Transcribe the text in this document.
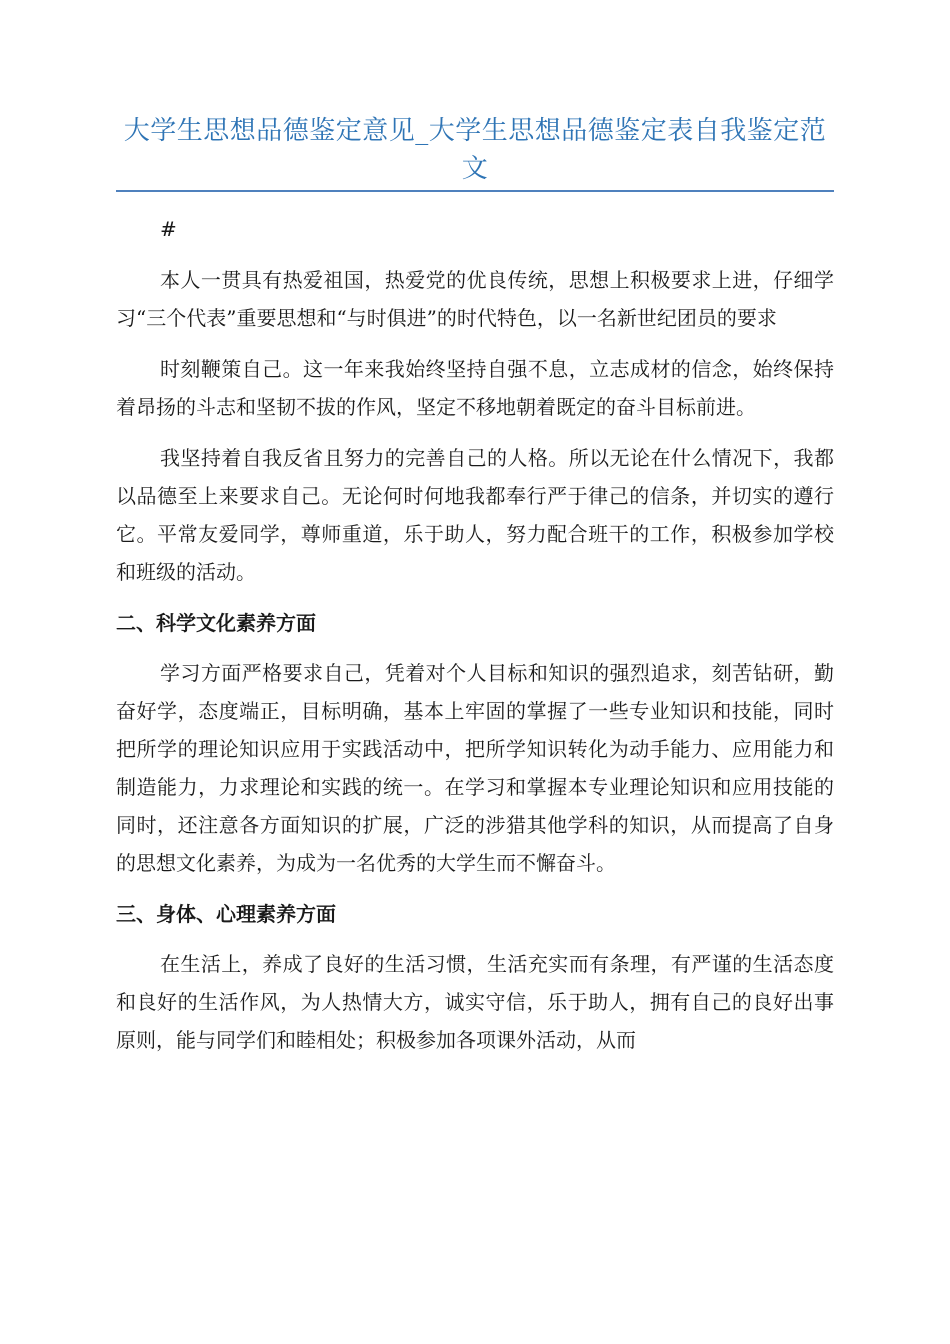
大学生思想品德鉴定意见_大学生思想品德鉴定表自我鉴定范文

#

本人一贯具有热爱祖国，热爱党的优良传统，思想上积极要求上进，仔细学习“三个代表”重要思想和“与时俱进”的时代特色，以一名新世纪团员的要求

时刻鞭策自己。这一年来我始终坚持自强不息，立志成材的信念，始终保持着昂扬的斗志和坚韧不拔的作风，坚定不移地朝着既定的奋斗目标前进。

我坚持着自我反省且努力的完善自己的人格。所以无论在什么情况下，我都以品德至上来要求自己。无论何时何地我都奉行严于律己的信条，并切实的遵行它。平常友爱同学，尊师重道，乐于助人，努力配合班干的工作，积极参加学校和班级的活动。

二、科学文化素养方面

学习方面严格要求自己，凭着对个人目标和知识的强烈追求，刻苦钻研，勤奋好学，态度端正，目标明确，基本上牢固的掌握了一些专业知识和技能，同时把所学的理论知识应用于实践活动中，把所学知识转化为动手能力、应用能力和制造能力，力求理论和实践的统一。在学习和掌握本专业理论知识和应用技能的同时，还注意各方面知识的扩展，广泛的涉猎其他学科的知识，从而提高了自身的思想文化素养，为成为一名优秀的大学生而不懈奋斗。

三、身体、心理素养方面

在生活上，养成了良好的生活习惯，生活充实而有条理，有严谨的生活态度和良好的生活作风，为人热情大方，诚实守信，乐于助人，拥有自己的良好出事原则，能与同学们和睦相处；积极参加各项课外活动，从而
